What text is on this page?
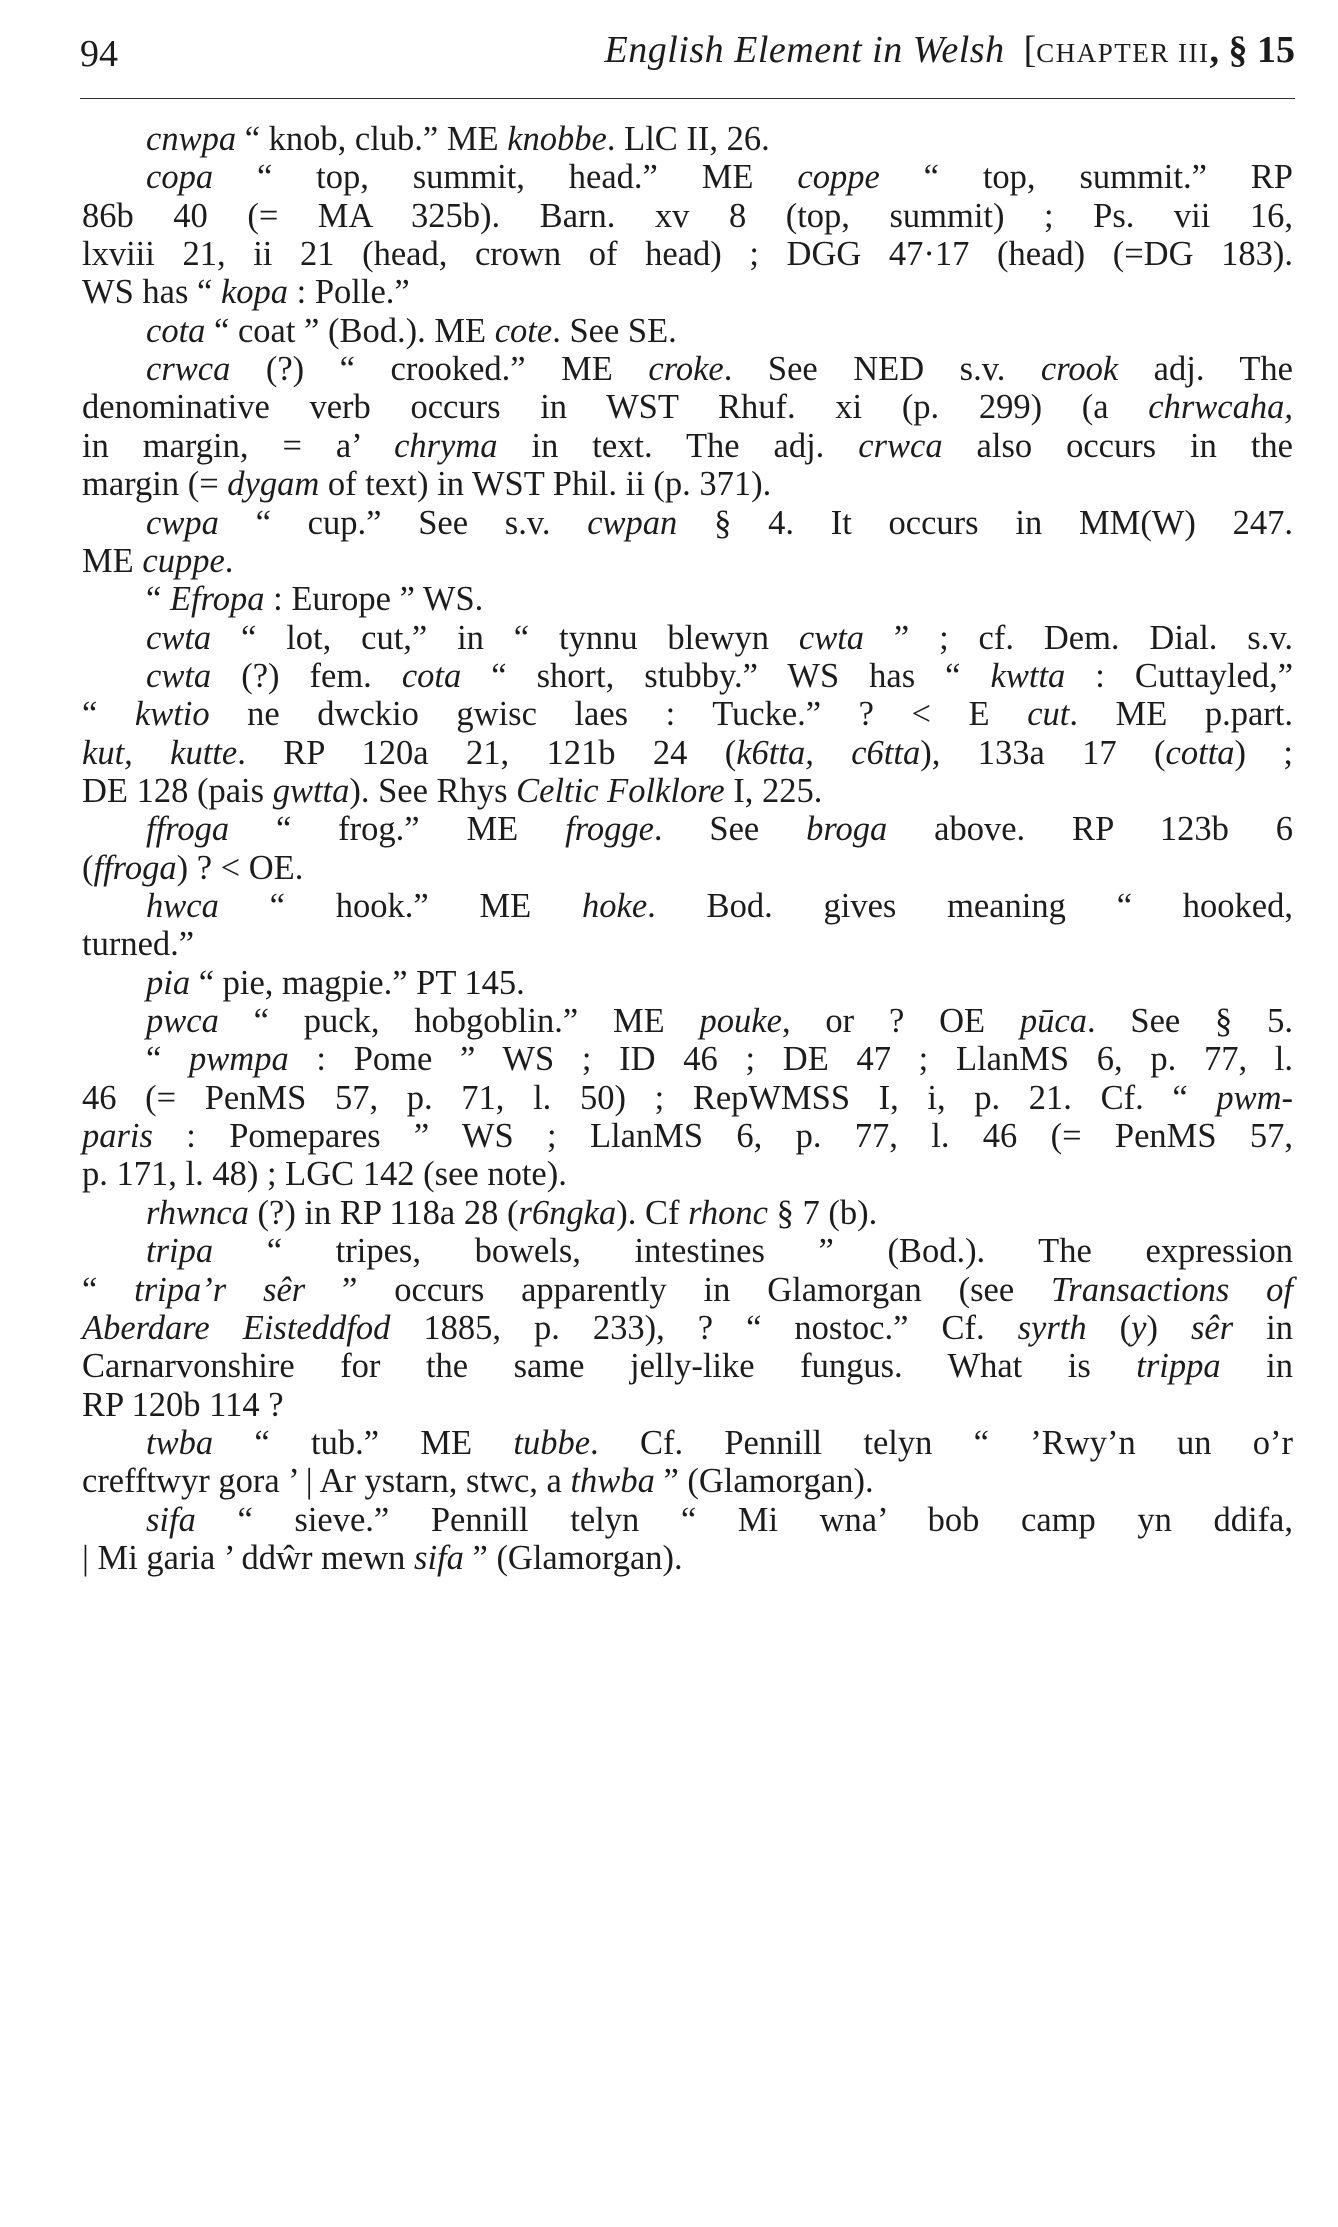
94	English Element in Welsh [CHAPTER III, § 15
cnwpa “ knob, club.” ME knobbe. LlC II, 26.
copa “ top, summit, head.” ME coppe “ top, summit.” RP
86b 40 (= MA 325b). Barn. xv 8 (top, summit) ; Ps. vii 16,
lxviii 21, ii 21 (head, crown of head) ; DGG 47·17 (head) (=DG 183).
WS has “ kopa : Polle.”
cota “ coat ” (Bod.). ME cote. See SE.
crwca (?) “ crooked.” ME croke. See NED s.v. crook adj. The
denominative verb occurs in WST Rhuf. xi (p. 299) (a chrwcaha,
in margin, = a’ chryma in text. The adj. crwca also occurs in the
margin (= dygam of text) in WST Phil. ii (p. 371).
cwpa “ cup.” See s.v. cwpan § 4. It occurs in MM(W) 247.
ME cuppe.
“ Efropa : Europe ” WS.
cwta “ lot, cut,” in “ tynnu blewyn cwta ” ; cf. Dem. Dial. s.v.
cwta (?) fem. cota “ short, stubby.” WS has “ kwtta : Cuttayled,”
“ kwtio ne dwckio gwisc laes : Tucke.” ? < E cut. ME p.part.
kut, kutte. RP 120a 21, 121b 24 (k6tta, c6tta), 133a 17 (cotta) ;
DE 128 (pais gwtta). See Rhys Celtic Folklore I, 225.
ffroga “ frog.” ME frogge. See broga above. RP 123b 6
(ffroga) ? < OE.
hwca “ hook.” ME hoke. Bod. gives meaning “ hooked,
turned.”
pia “ pie, magpie.” PT 145.
pwca “ puck, hobgoblin.” ME pouke, or ? OE pūca. See § 5.
“ pwmpa : Pome ” WS ; ID 46 ; DE 47 ; LlanMS 6, p. 77, l.
46 (= PenMS 57, p. 71, l. 50) ; RepWMSS I, i, p. 21. Cf. “ pwm-
paris : Pomepares ” WS ; LlanMS 6, p. 77, l. 46 (= PenMS 57,
p. 171, l. 48) ; LGC 142 (see note).
rhwnca (?) in RP 118a 28 (r6ngka). Cf rhonc § 7 (b).
tripa “ tripes, bowels, intestines ” (Bod.). The expression
“ tripa’r sêr ” occurs apparently in Glamorgan (see Transactions of
Aberdare Eisteddfod 1885, p. 233), ? “ nostoc.” Cf. syrth (y) sêr in
Carnarvonshire for the same jelly-like fungus. What is trippa in
RP 120b 114 ?
twba “ tub.” ME tubbe. Cf. Pennill telyn “ ’Rwy’n un o’r
crefftwyr gora ’ | Ar ystarn, stwc, a thwba ” (Glamorgan).
sifa “ sieve.” Pennill telyn “ Mi wna’ bob camp yn ddifa,
| Mi garia ’ ddŵr mewn sifa ” (Glamorgan).
